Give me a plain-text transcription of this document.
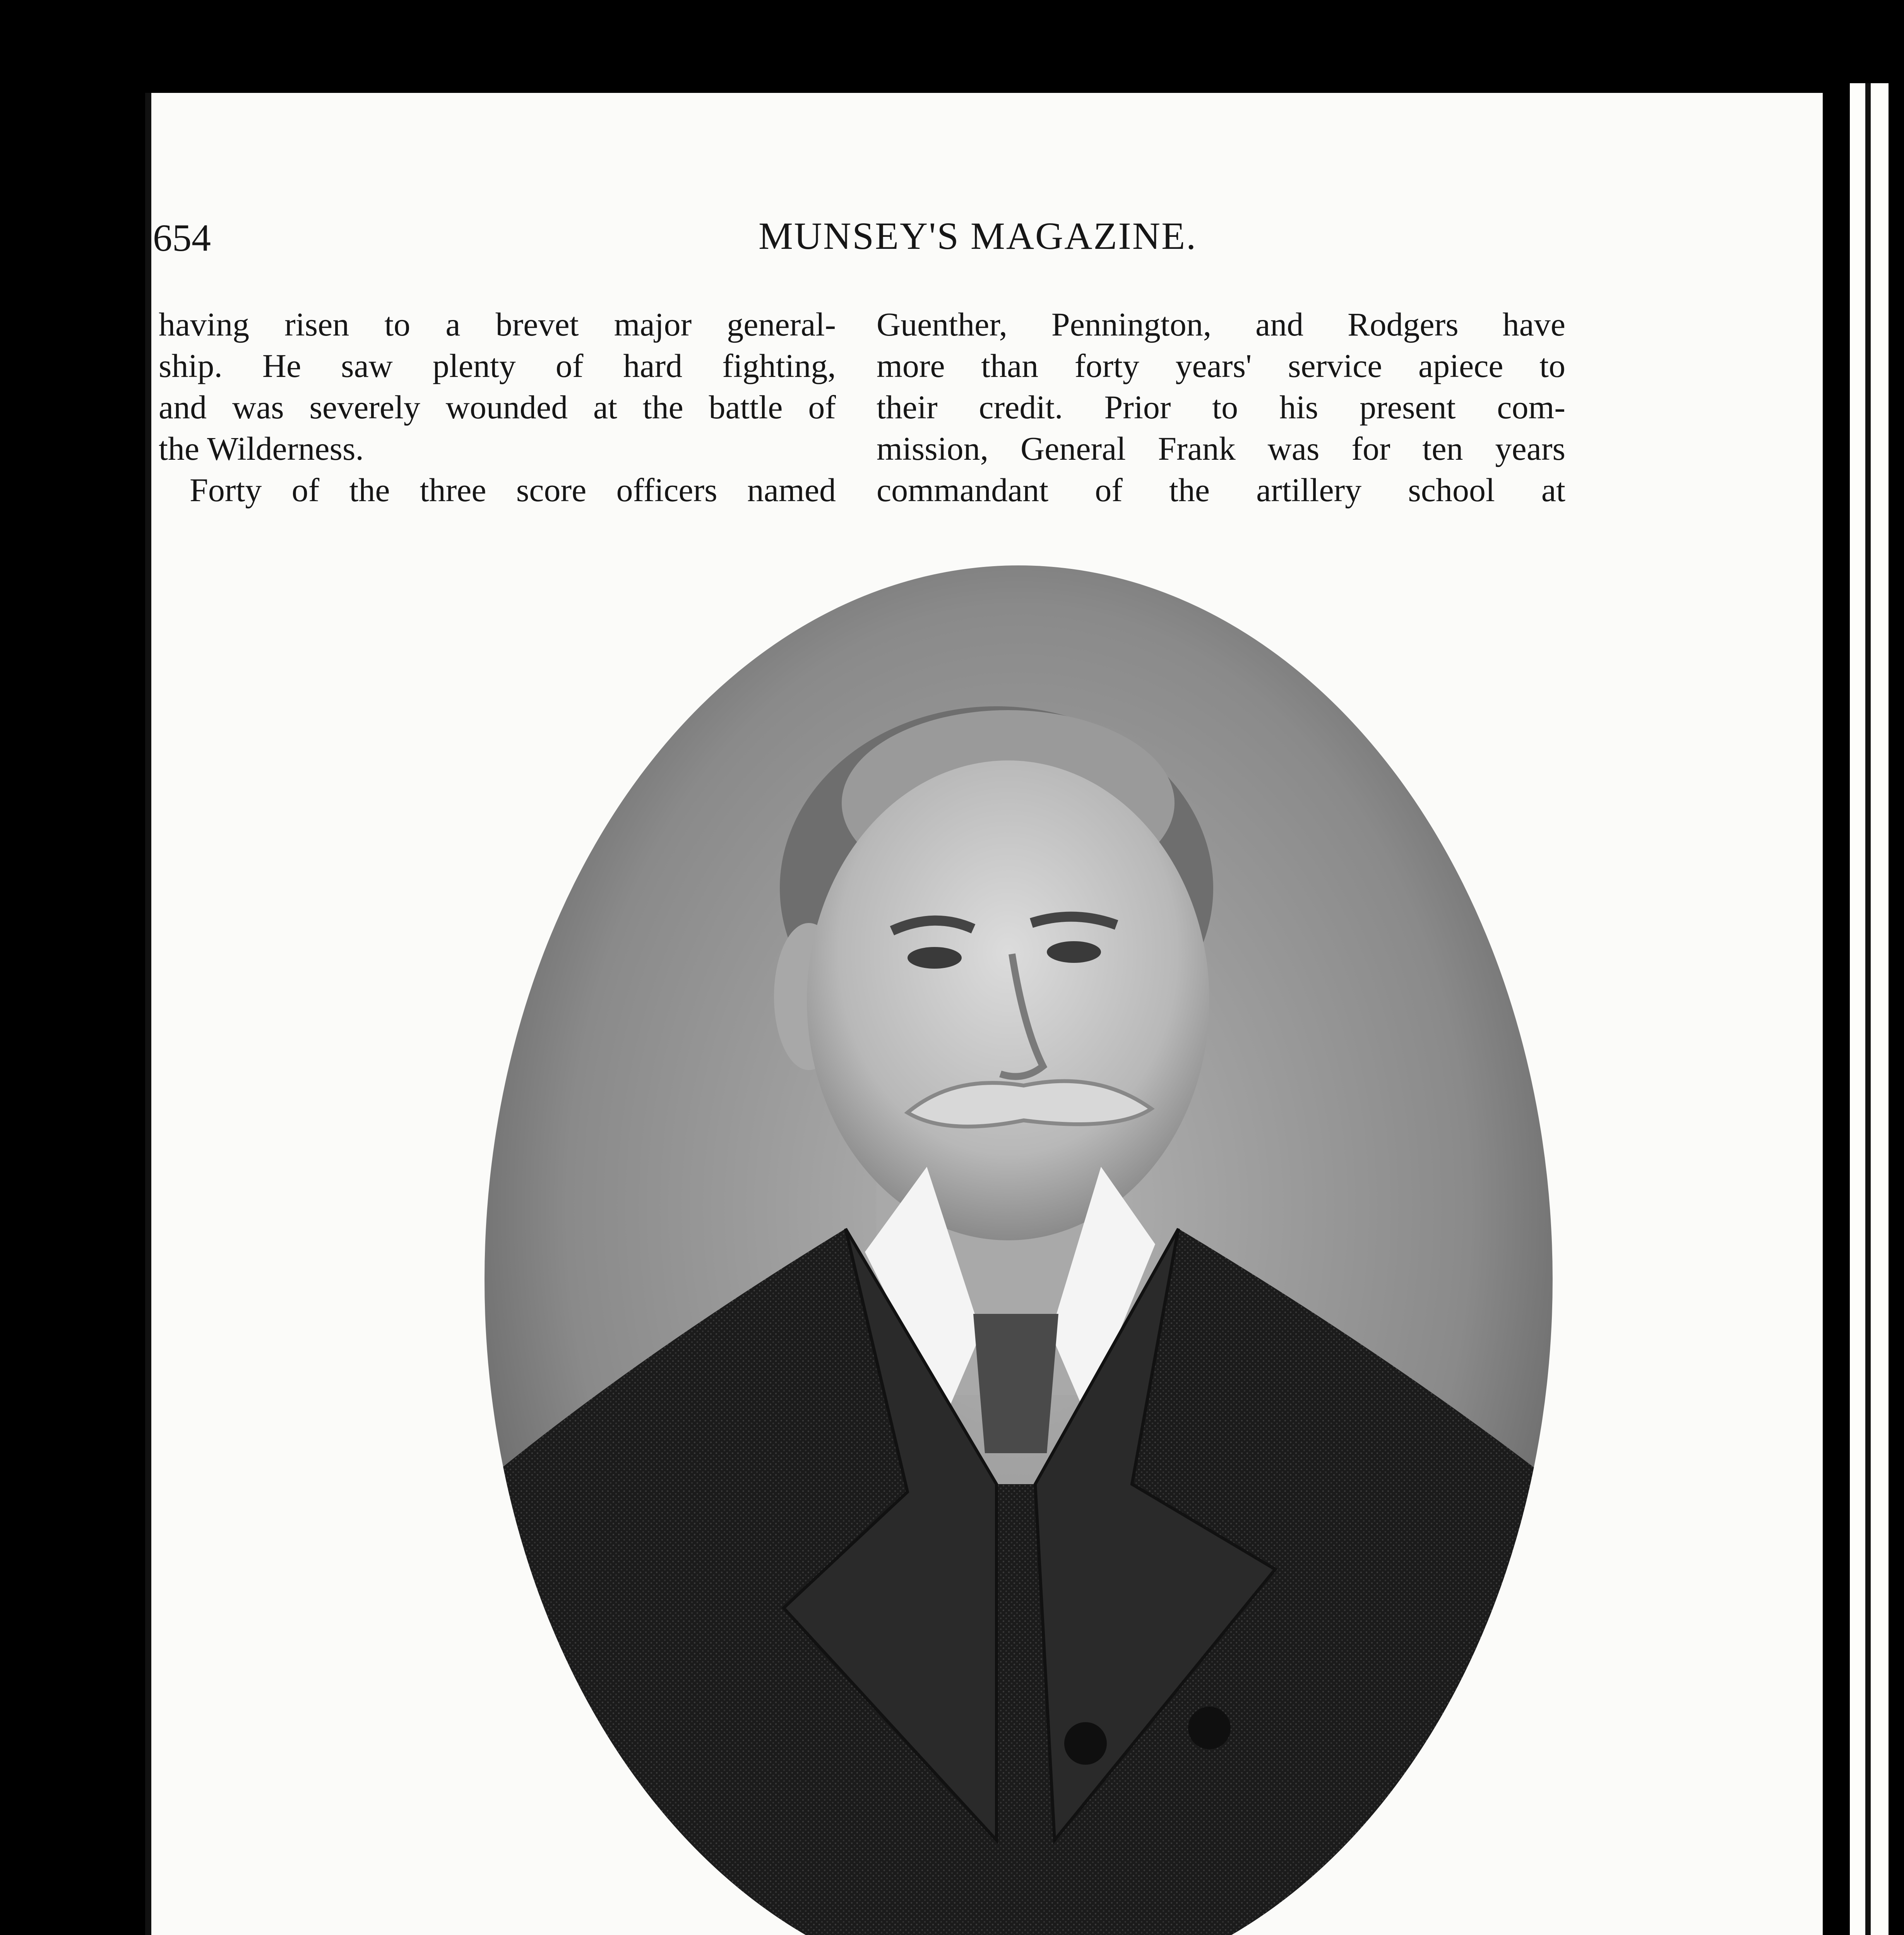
654	MUNSEY'S MAGAZINE.
having risen to a brevet major general-
ship. He saw plenty of hard fighting,
and was severely wounded at the battle of
the Wilderness.
Forty of the three score officers named
Guenther, Pennington, and Rodgers have
more than forty years' service apiece to
their credit. Prior to his present com-
mission, General Frank was for ten years
commandant of the artillery school at
